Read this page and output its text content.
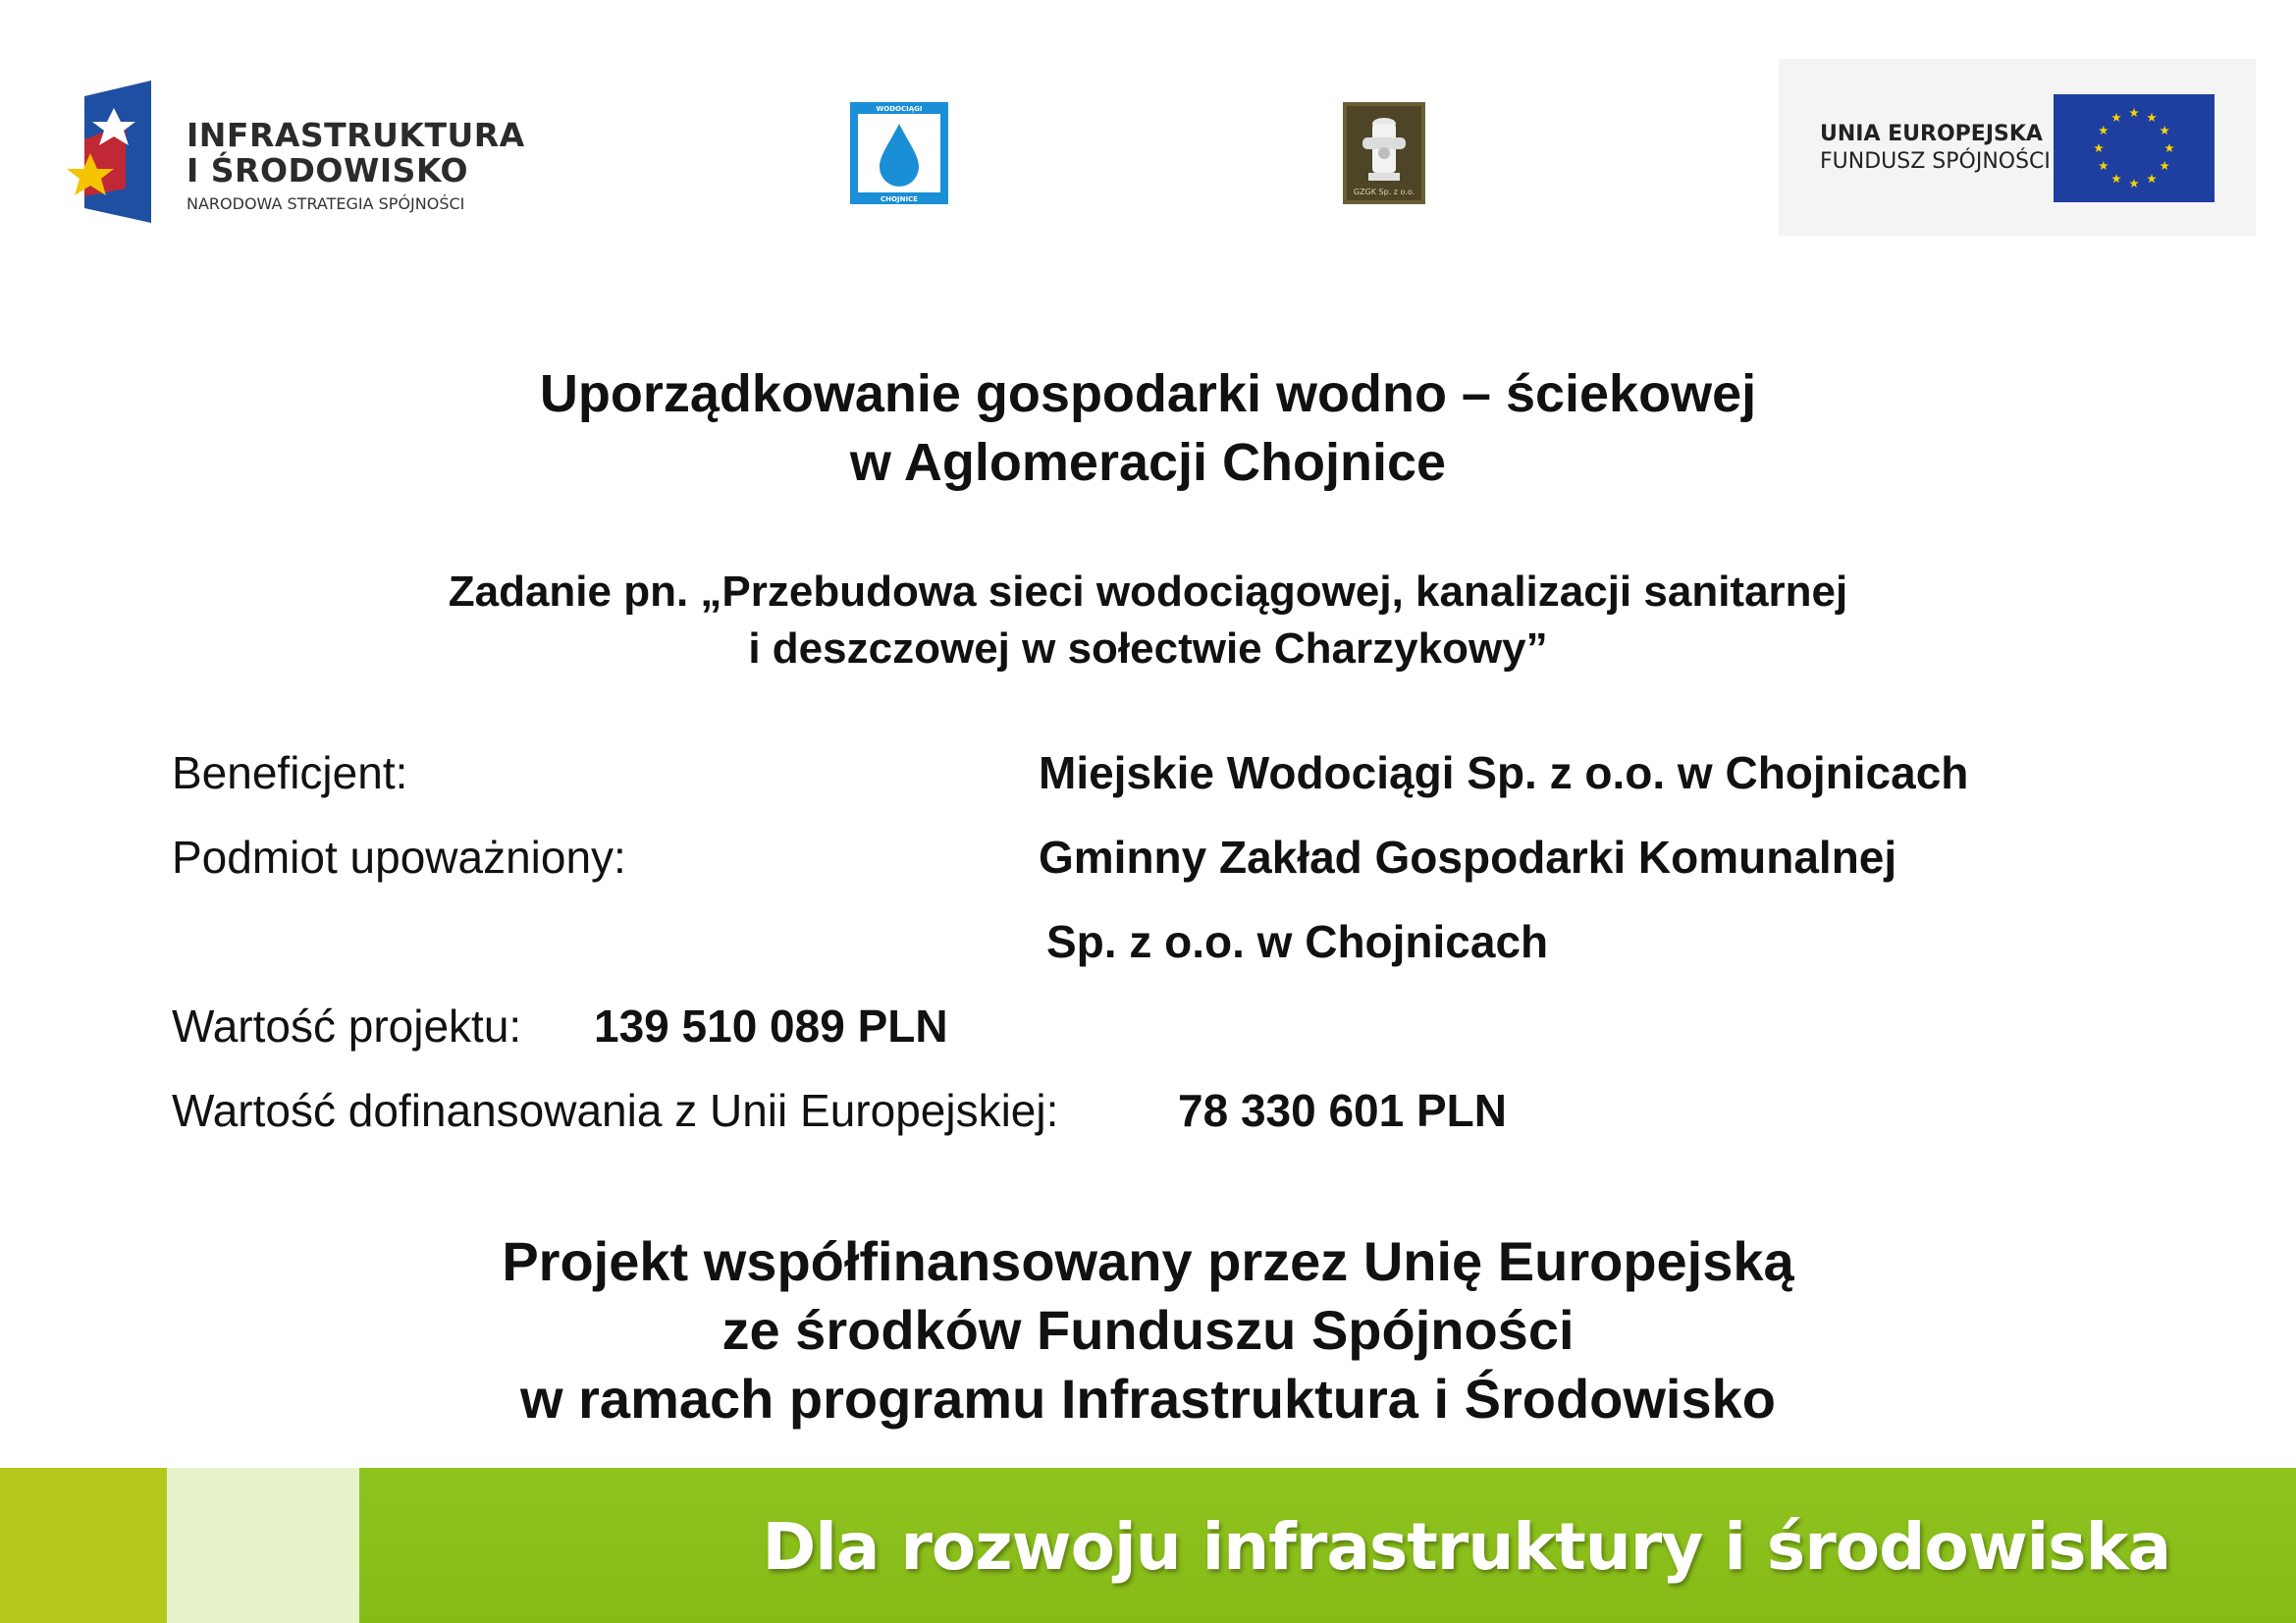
INFRASTRUKTURA
I ŚRODOWISKO
NARODOWA STRATEGIA SPÓJNOŚCI
WODOCIĄGI
CHOJNICE
GZGK Sp. z o.o.
UNIA EUROPEJSKA
FUNDUSZ SPÓJNOŚCI
Uporządkowanie gospodarki wodno – ściekowej
w Aglomeracji Chojnice
Zadanie pn. „Przebudowa sieci wodociągowej, kanalizacji sanitarnej
i deszczowej w sołectwie Charzykowy”
Beneficjent:	Miejskie Wodociągi Sp. z o.o. w Chojnicach
Podmiot upoważniony:	Gminny Zakład Gospodarki Komunalnej
Sp. z o.o. w Chojnicach
Wartość projektu: 139 510 089 PLN
Wartość dofinansowania z Unii Europejskiej:	78 330 601 PLN
Projekt współfinansowany przez Unię Europejską
ze środków Funduszu Spójności
w ramach programu Infrastruktura i Środowisko
Dla rozwoju infrastruktury i środowiska
